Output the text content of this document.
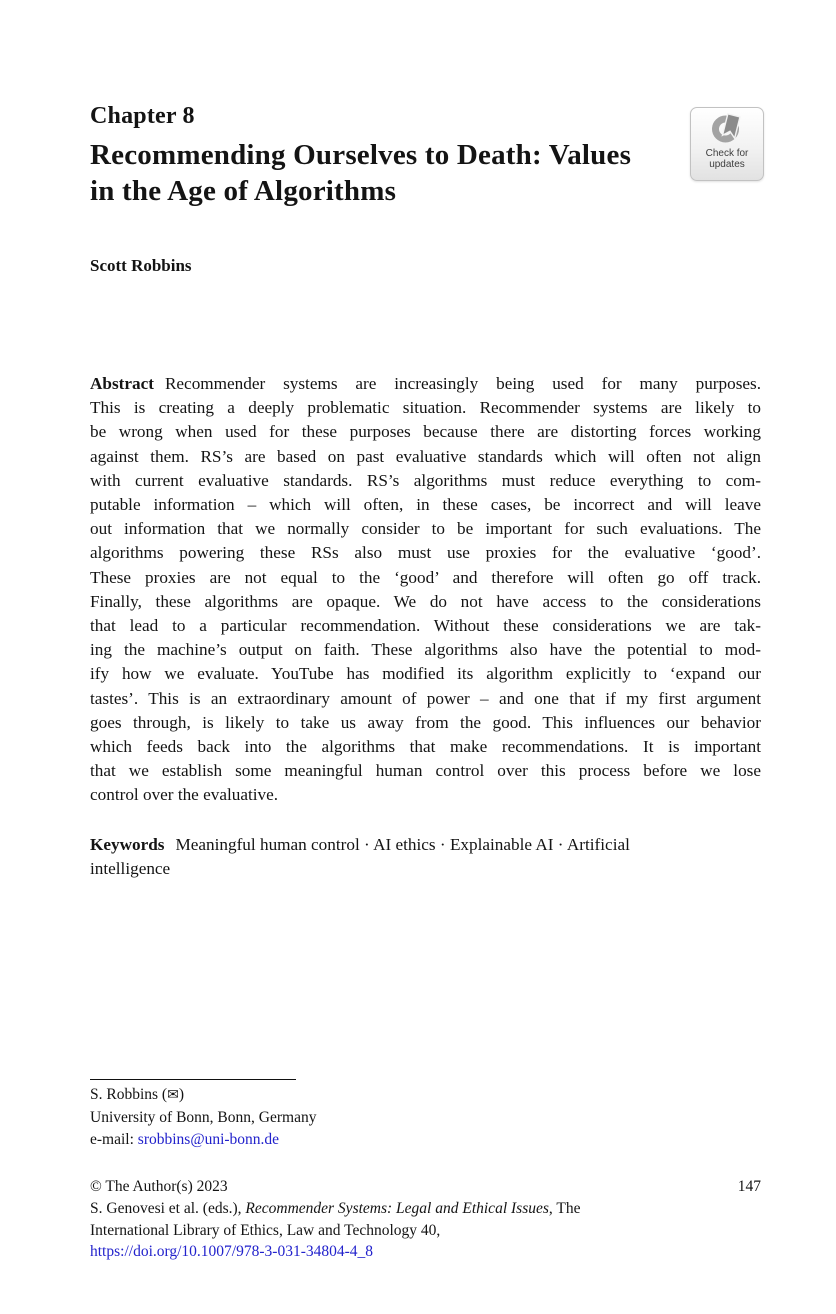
Chapter 8
Recommending Ourselves to Death: Values
in the Age of Algorithms
Check for
updates
Scott Robbins
Abstract Recommender systems are increasingly being used for many purposes.
This is creating a deeply problematic situation. Recommender systems are likely to
be wrong when used for these purposes because there are distorting forces working
against them. RS’s are based on past evaluative standards which will often not align
with current evaluative standards. RS’s algorithms must reduce everything to com-
putable information – which will often, in these cases, be incorrect and will leave
out information that we normally consider to be important for such evaluations. The
algorithms powering these RSs also must use proxies for the evaluative ‘good’.
These proxies are not equal to the ‘good’ and therefore will often go off track.
Finally, these algorithms are opaque. We do not have access to the considerations
that lead to a particular recommendation. Without these considerations we are tak-
ing the machine’s output on faith. These algorithms also have the potential to mod-
ify how we evaluate. YouTube has modified its algorithm explicitly to ‘expand our
tastes’. This is an extraordinary amount of power – and one that if my first argument
goes through, is likely to take us away from the good. This influences our behavior
which feeds back into the algorithms that make recommendations. It is important
that we establish some meaningful human control over this process before we lose
control over the evaluative.
Keywords Meaningful human control · AI ethics · Explainable AI · Artificial
intelligence
S. Robbins (✉)
University of Bonn, Bonn, Germany
e-mail: srobbins@uni-bonn.de
© The Author(s) 2023	147
S. Genovesi et al. (eds.), Recommender Systems: Legal and Ethical Issues, The
International Library of Ethics, Law and Technology 40,
https://doi.org/10.1007/978-3-031-34804-4_8
